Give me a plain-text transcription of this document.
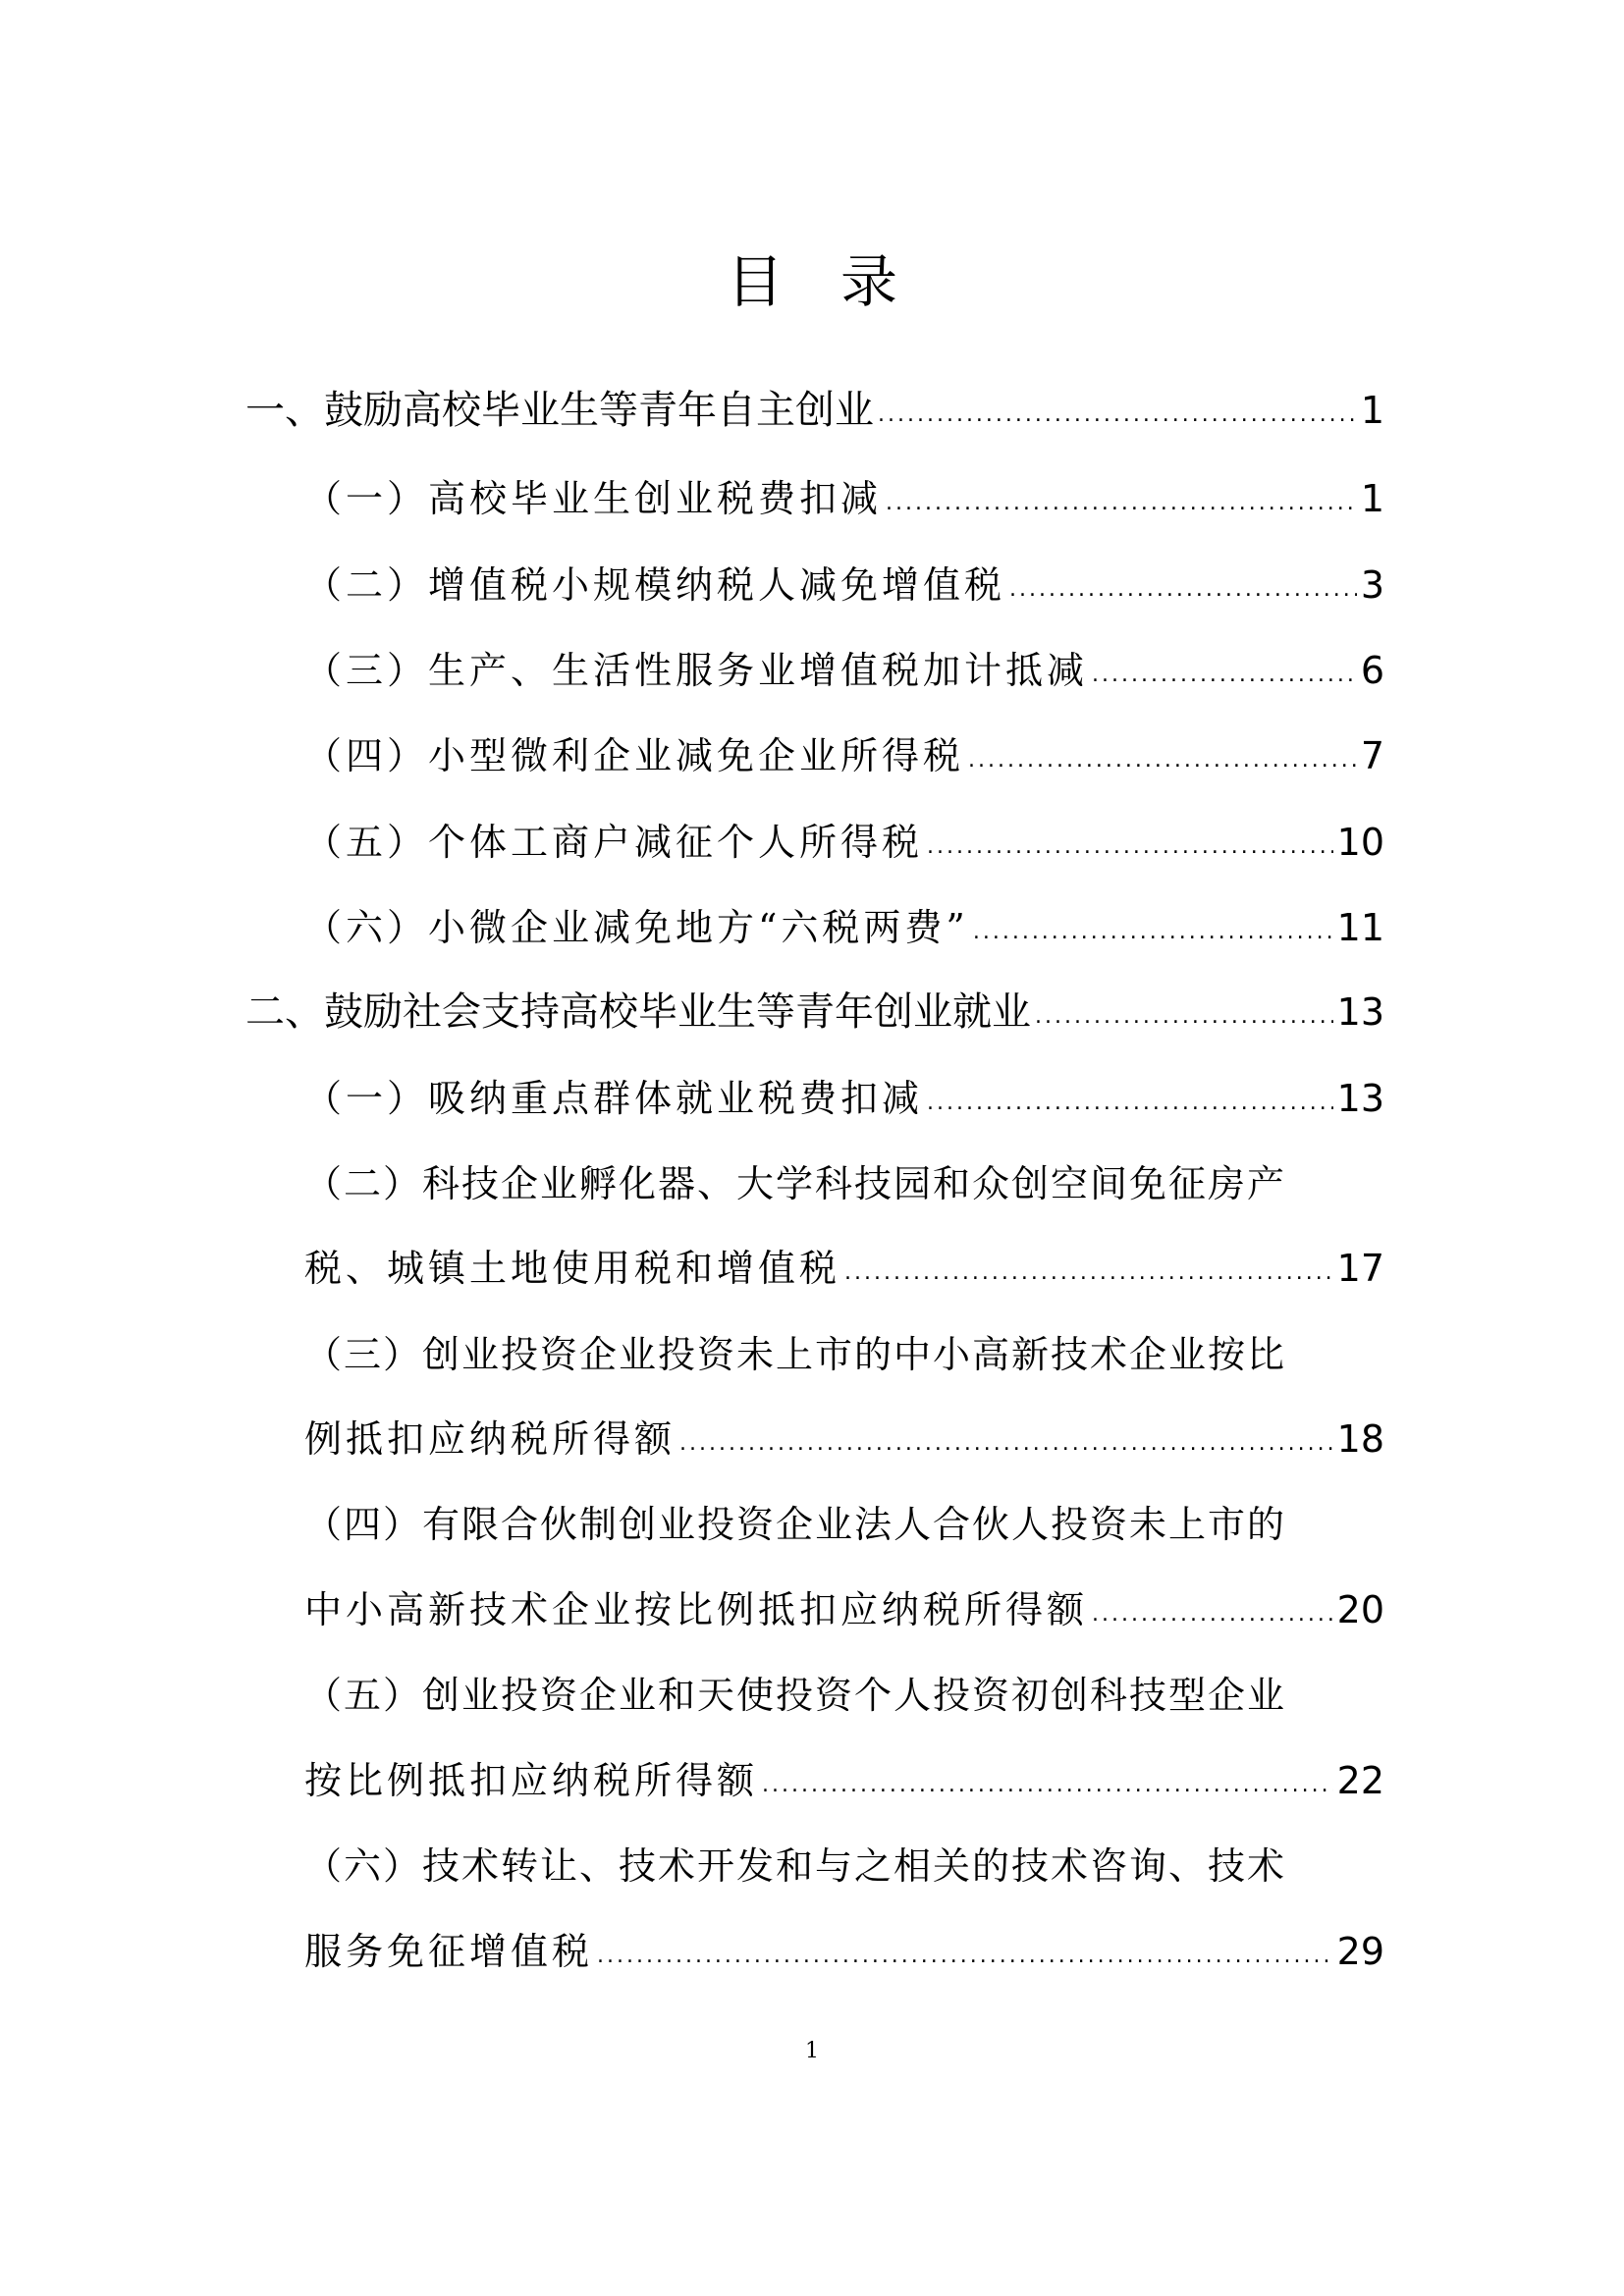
目 录
一、鼓励高校毕业生等青年自主创业 .....	1
（一）高校毕业生创业税费扣减 .....	1
（二）增值税小规模纳税人减免增值税 .....	3
（三）生产、生活性服务业增值税加计抵减 .....	6
（四）小型微利企业减免企业所得税 .....	7
（五）个体工商户减征个人所得税 .....	10
（六）小微企业减免地方“六税两费” .....	11
二、鼓励社会支持高校毕业生等青年创业就业 .....	13
（一）吸纳重点群体就业税费扣减 .....	13
（二）科技企业孵化器、大学科技园和众创空间免征房产
税、城镇土地使用税和增值税 .....	17
（三）创业投资企业投资未上市的中小高新技术企业按比
例抵扣应纳税所得额 .....	18
（四）有限合伙制创业投资企业法人合伙人投资未上市的
中小高新技术企业按比例抵扣应纳税所得额 .....	20
（五）创业投资企业和天使投资个人投资初创科技型企业
按比例抵扣应纳税所得额 .....	22
（六）技术转让、技术开发和与之相关的技术咨询、技术
服务免征增值税 .....	29
1
